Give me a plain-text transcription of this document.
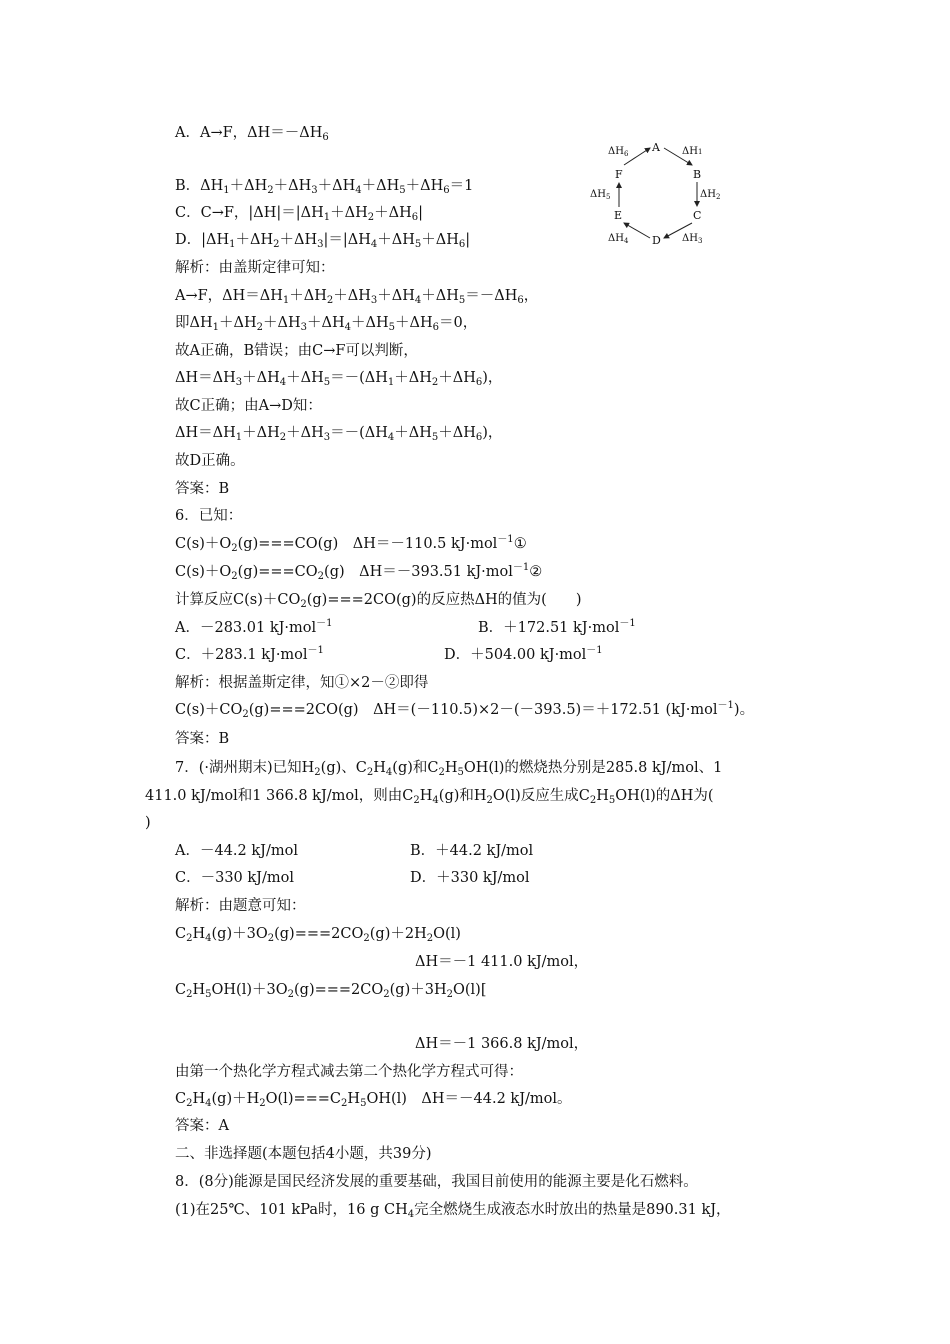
A．A→F，$\Delta H=-\Delta H_6$
B．$\Delta H_1+\Delta H_2+\Delta H_3+\Delta H_4+\Delta H_5+\Delta H_6=1$
C．C→F，$|\Delta H|=|\Delta H_1+\Delta H_2+\Delta H_6|$
D．$|\Delta H_1+\Delta H_2+\Delta H_3|=|\Delta H_4+\Delta H_5+\Delta H_6|$
解析：由盖斯定律可知：
A→F，$\Delta H=\Delta H_1+\Delta H_2+\Delta H_3+\Delta H_4+\Delta H_5=-\Delta H_6$，
即$\Delta H_1+\Delta H_2+\Delta H_3+\Delta H_4+\Delta H_5+\Delta H_6=0$，
故A正确，B错误；由C→F可以判断，
$\Delta H=\Delta H_3+\Delta H_4+\Delta H_5=-(\Delta H_1+\Delta H_2+\Delta H_6)$，
故C正确；由A→D知：
$\Delta H=\Delta H_1+\Delta H_2+\Delta H_3=-(\Delta H_4+\Delta H_5+\Delta H_6)$，
故D正确。
答案：B
6．已知：
$C(s)+O_2(g)===CO(g)$　ΔH＝－110.5 kJ·mol$^{-1}$①
$C(s)+O_2(g)===CO_2(g)$　ΔH＝－393.51 kJ·mol$^{-1}$②
计算反应$C(s)+CO_2(g)===2CO(g)$的反应热ΔH的值为(　　)
A．－283.01 kJ·mol$^{-1}$	B．＋172.51 kJ·mol$^{-1}$
C．＋283.1 kJ·mol$^{-1}$	D．＋504.00 kJ·mol$^{-1}$
解析：根据盖斯定律，知①×2－②即得
$C(s)+CO_2(g)===2CO(g)$　ΔH＝(－110.5)×2－(－393.5)＝＋172.51 (kJ·mol$^{-1}$)。
答案：B
7．(·湖州期末)已知$H_2(g)$、$C_2H_4(g)$和$C_2H_5OH(l)$的燃烧热分别是285.8 kJ/mol、1
411.0 kJ/mol和1 366.8 kJ/mol，则由$C_2H_4(g)$和$H_2O(l)$反应生成$C_2H_5OH(l)$的ΔH为(
)
A．－44.2 kJ/mol	B．＋44.2 kJ/mol
C．－330 kJ/mol	D．＋330 kJ/mol
解析：由题意可知：
$C_2H_4(g)+3O_2(g)===2CO_2(g)+2H_2O(l)$
ΔH＝－1 411.0 kJ/mol，
$C_2H_5OH(l)+3O_2(g)===2CO_2(g)+3H_2O(l)$[
ΔH＝－1 366.8 kJ/mol，
由第一个热化学方程式减去第二个热化学方程式可得：
$C_2H_4(g)+H_2O(l)===C_2H_5OH(l)$　ΔH＝－44.2 kJ/mol。
答案：A
二、非选择题(本题包括4小题，共39分)
8．(8分)能源是国民经济发展的重要基础，我国目前使用的能源主要是化石燃料。
(1)在25℃、101 kPa时，16 g $CH_4$完全燃烧生成液态水时放出的热量是890.31 kJ，
A
B
C
D
E
F
ΔH1
$\Delta H_2$
$\Delta H_3$
$\Delta H_4$
$\Delta H_5$
$\Delta H_6$
